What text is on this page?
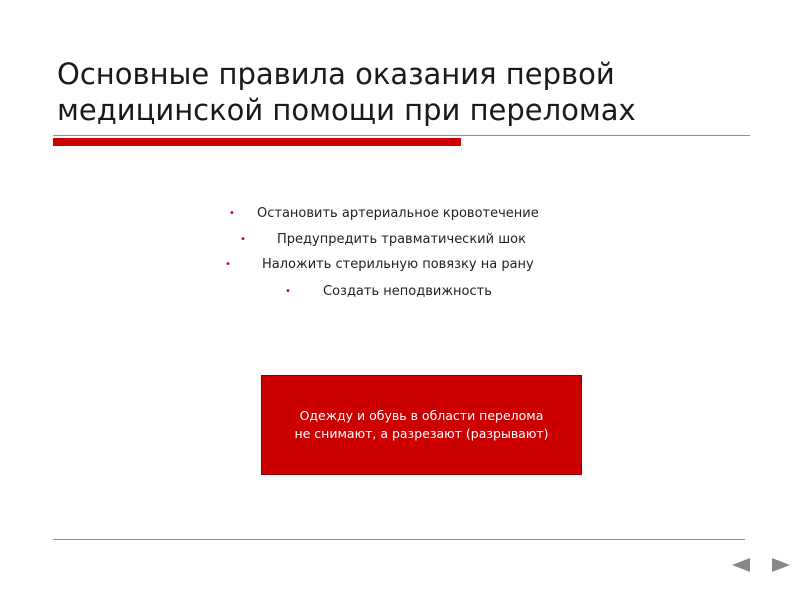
Основные правила оказания первой
медицинской помощи при переломах
• Остановить артериальное кровотечение
• Предупредить травматический шок
• Наложить стерильную повязку на рану
• Создать неподвижность
Одежду и обувь в области перелома
не снимают, а разрезают (разрывают)
